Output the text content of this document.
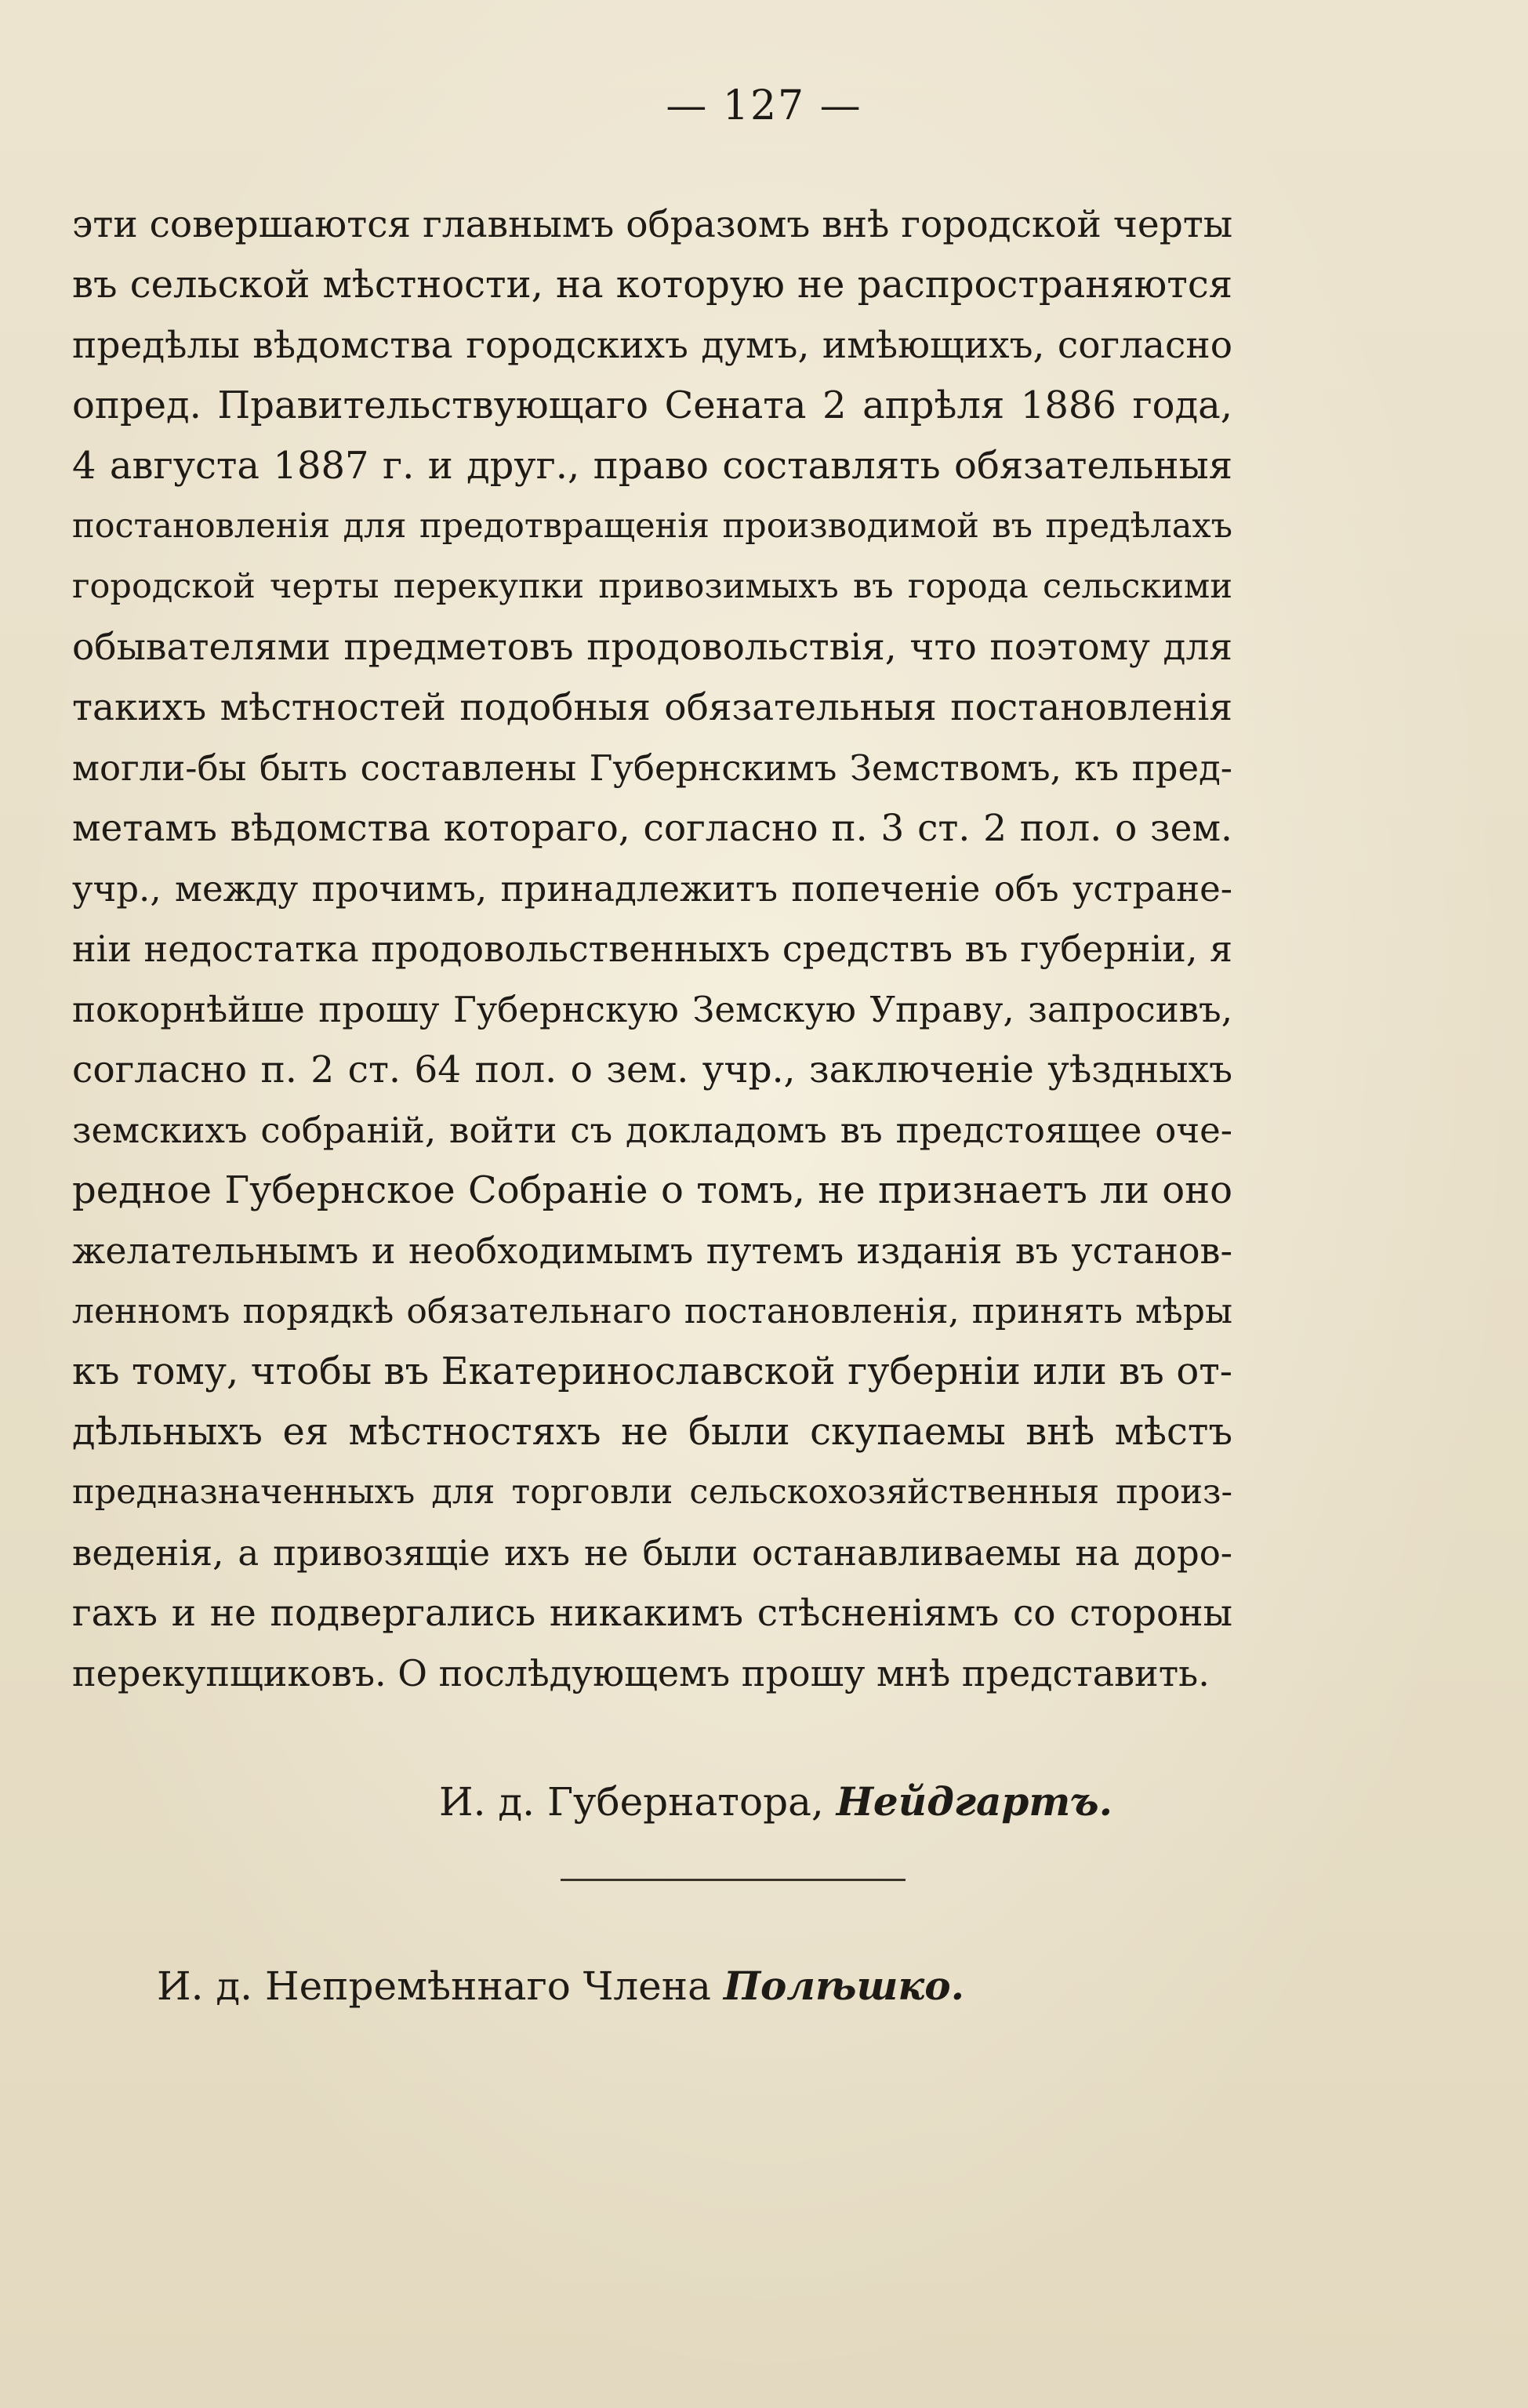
— 127 —
эти совершаются главнымъ образомъ внѣ городской черты
въ сельской мѣстности, на которую не распространяются
предѣлы вѣдомства городскихъ думъ, имѣющихъ, согласно
опред. Правительствующаго Сената 2 апрѣля 1886 года,
4 августа 1887 г. и друг., право составлять обязательныя
постановленія для предотвращенія производимой въ предѣлахъ
городской черты перекупки привозимыхъ въ города сельскими
обывателями предметовъ продовольствія, что поэтому для
такихъ мѣстностей подобныя обязательныя постановленія
могли-бы быть составлены Губернскимъ Земствомъ, къ пред-
метамъ вѣдомства котораго, согласно п. 3 ст. 2 пол. о зем.
учр., между прочимъ, принадлежитъ попеченіе объ устране-
ніи недостатка продовольственныхъ средствъ въ губерніи, я
покорнѣйше прошу Губернскую Земскую Управу, запросивъ,
согласно п. 2 ст. 64 пол. о зем. учр., заключеніе уѣздныхъ
земскихъ собраній, войти съ докладомъ въ предстоящее оче-
редное Губернское Собраніе о томъ, не признаетъ ли оно
желательнымъ и необходимымъ путемъ изданія въ установ-
ленномъ порядкѣ обязательнаго постановленія, принять мѣры
къ тому, чтобы въ Екатеринославской губерніи или въ от-
дѣльныхъ ея мѣстностяхъ не были скупаемы внѣ мѣстъ
предназначенныхъ для торговли сельскохозяйственныя произ-
веденія, а привозящіе ихъ не были останавливаемы на доро-
гахъ и не подвергались никакимъ стѣсненіямъ со стороны
перекупщиковъ. О послѣдующемъ прошу мнѣ представить.
И. д. Губернатора, Нейдгартъ.
И. д. Непремѣннаго Члена Полѣшко.
